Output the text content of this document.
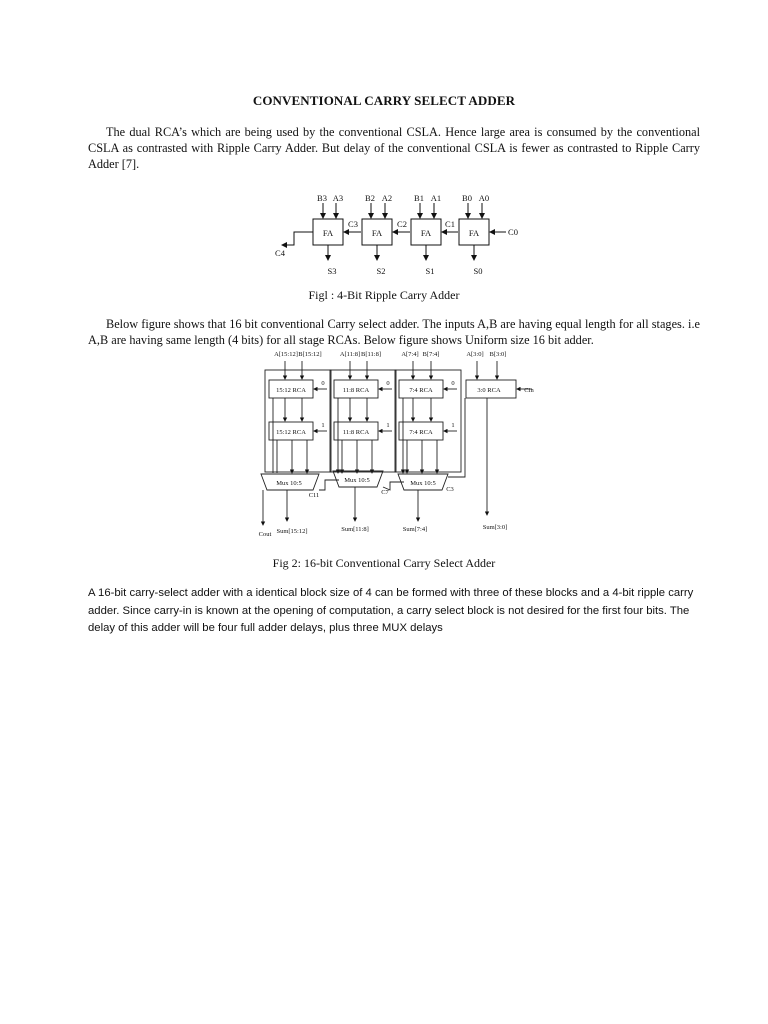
CONVENTIONAL CARRY SELECT ADDER

The dual RCA’s which are being used by the conventional CSLA. Hence large area is consumed by the conventional CSLA as contrasted with Ripple Carry Adder. But delay of the conventional CSLA is fewer as contrasted to Ripple Carry Adder [7].

FA	FA	FA	FA
B3 A3	B2 A2	B1 A1 B0 A0
C3	C2	C1
C0
C4
S3	S2	S1	S0
Figl : 4-Bit Ripple Carry Adder

Below figure shows that 16 bit conventional Carry select adder. The inputs A,B are having equal length for all stages. i.e A,B are having same length (4 bits) for all stage RCAs. Below figure shows Uniform size 16 bit adder.

A[15:12] B[15:12]	A[11:8] B[11:8]	A[7:4] B[7:4]	A[3:0] B[3:0]
15:12 RCA	11:8 RCA	7:4 RCA	3:0 RCA
15:12 RCA	11:8 RCA	7:4 RCA
0	0	0
1	1	1
Cin
Mux 10:5	Mux 10:5	Mux 10:5
C11	C7	C3
Cout Sum[15:12]	Sum[11:8]	Sum[7:4]	Sum[3:0]
Fig 2: 16-bit Conventional Carry Select Adder

A 16-bit carry-select adder with a identical block size of 4 can be formed with three of these blocks and a 4-bit ripple carry adder. Since carry-in is known at the opening of computation, a carry select block is not desired for the first four bits. The delay of this adder will be four full adder delays, plus three MUX delays
